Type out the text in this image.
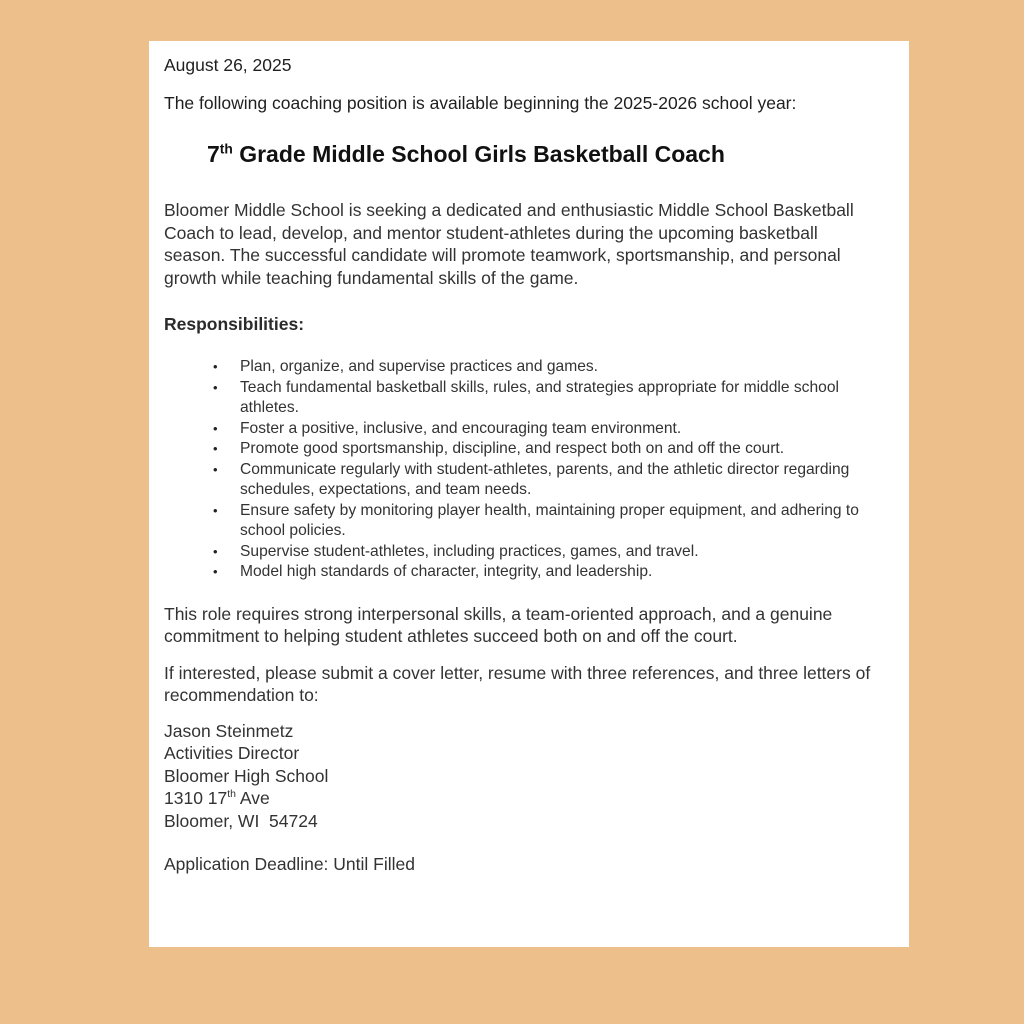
August 26, 2025

The following coaching position is available beginning the 2025-2026 school year:

7th Grade Middle School Girls Basketball Coach

Bloomer Middle School is seeking a dedicated and enthusiastic Middle School Basketball Coach to lead, develop, and mentor student-athletes during the upcoming basketball season. The successful candidate will promote teamwork, sportsmanship, and personal growth while teaching fundamental skills of the game.

Responsibilities:

• Plan, organize, and supervise practices and games.
• Teach fundamental basketball skills, rules, and strategies appropriate for middle school athletes.
• Foster a positive, inclusive, and encouraging team environment.
• Promote good sportsmanship, discipline, and respect both on and off the court.
• Communicate regularly with student-athletes, parents, and the athletic director regarding schedules, expectations, and team needs.
• Ensure safety by monitoring player health, maintaining proper equipment, and adhering to school policies.
• Supervise student-athletes, including practices, games, and travel.
• Model high standards of character, integrity, and leadership.

This role requires strong interpersonal skills, a team-oriented approach, and a genuine commitment to helping student athletes succeed both on and off the court.

If interested, please submit a cover letter, resume with three references, and three letters of recommendation to:

Jason Steinmetz
Activities Director
Bloomer High School
1310 17th Ave
Bloomer, WI  54724
Application Deadline: Until Filled
